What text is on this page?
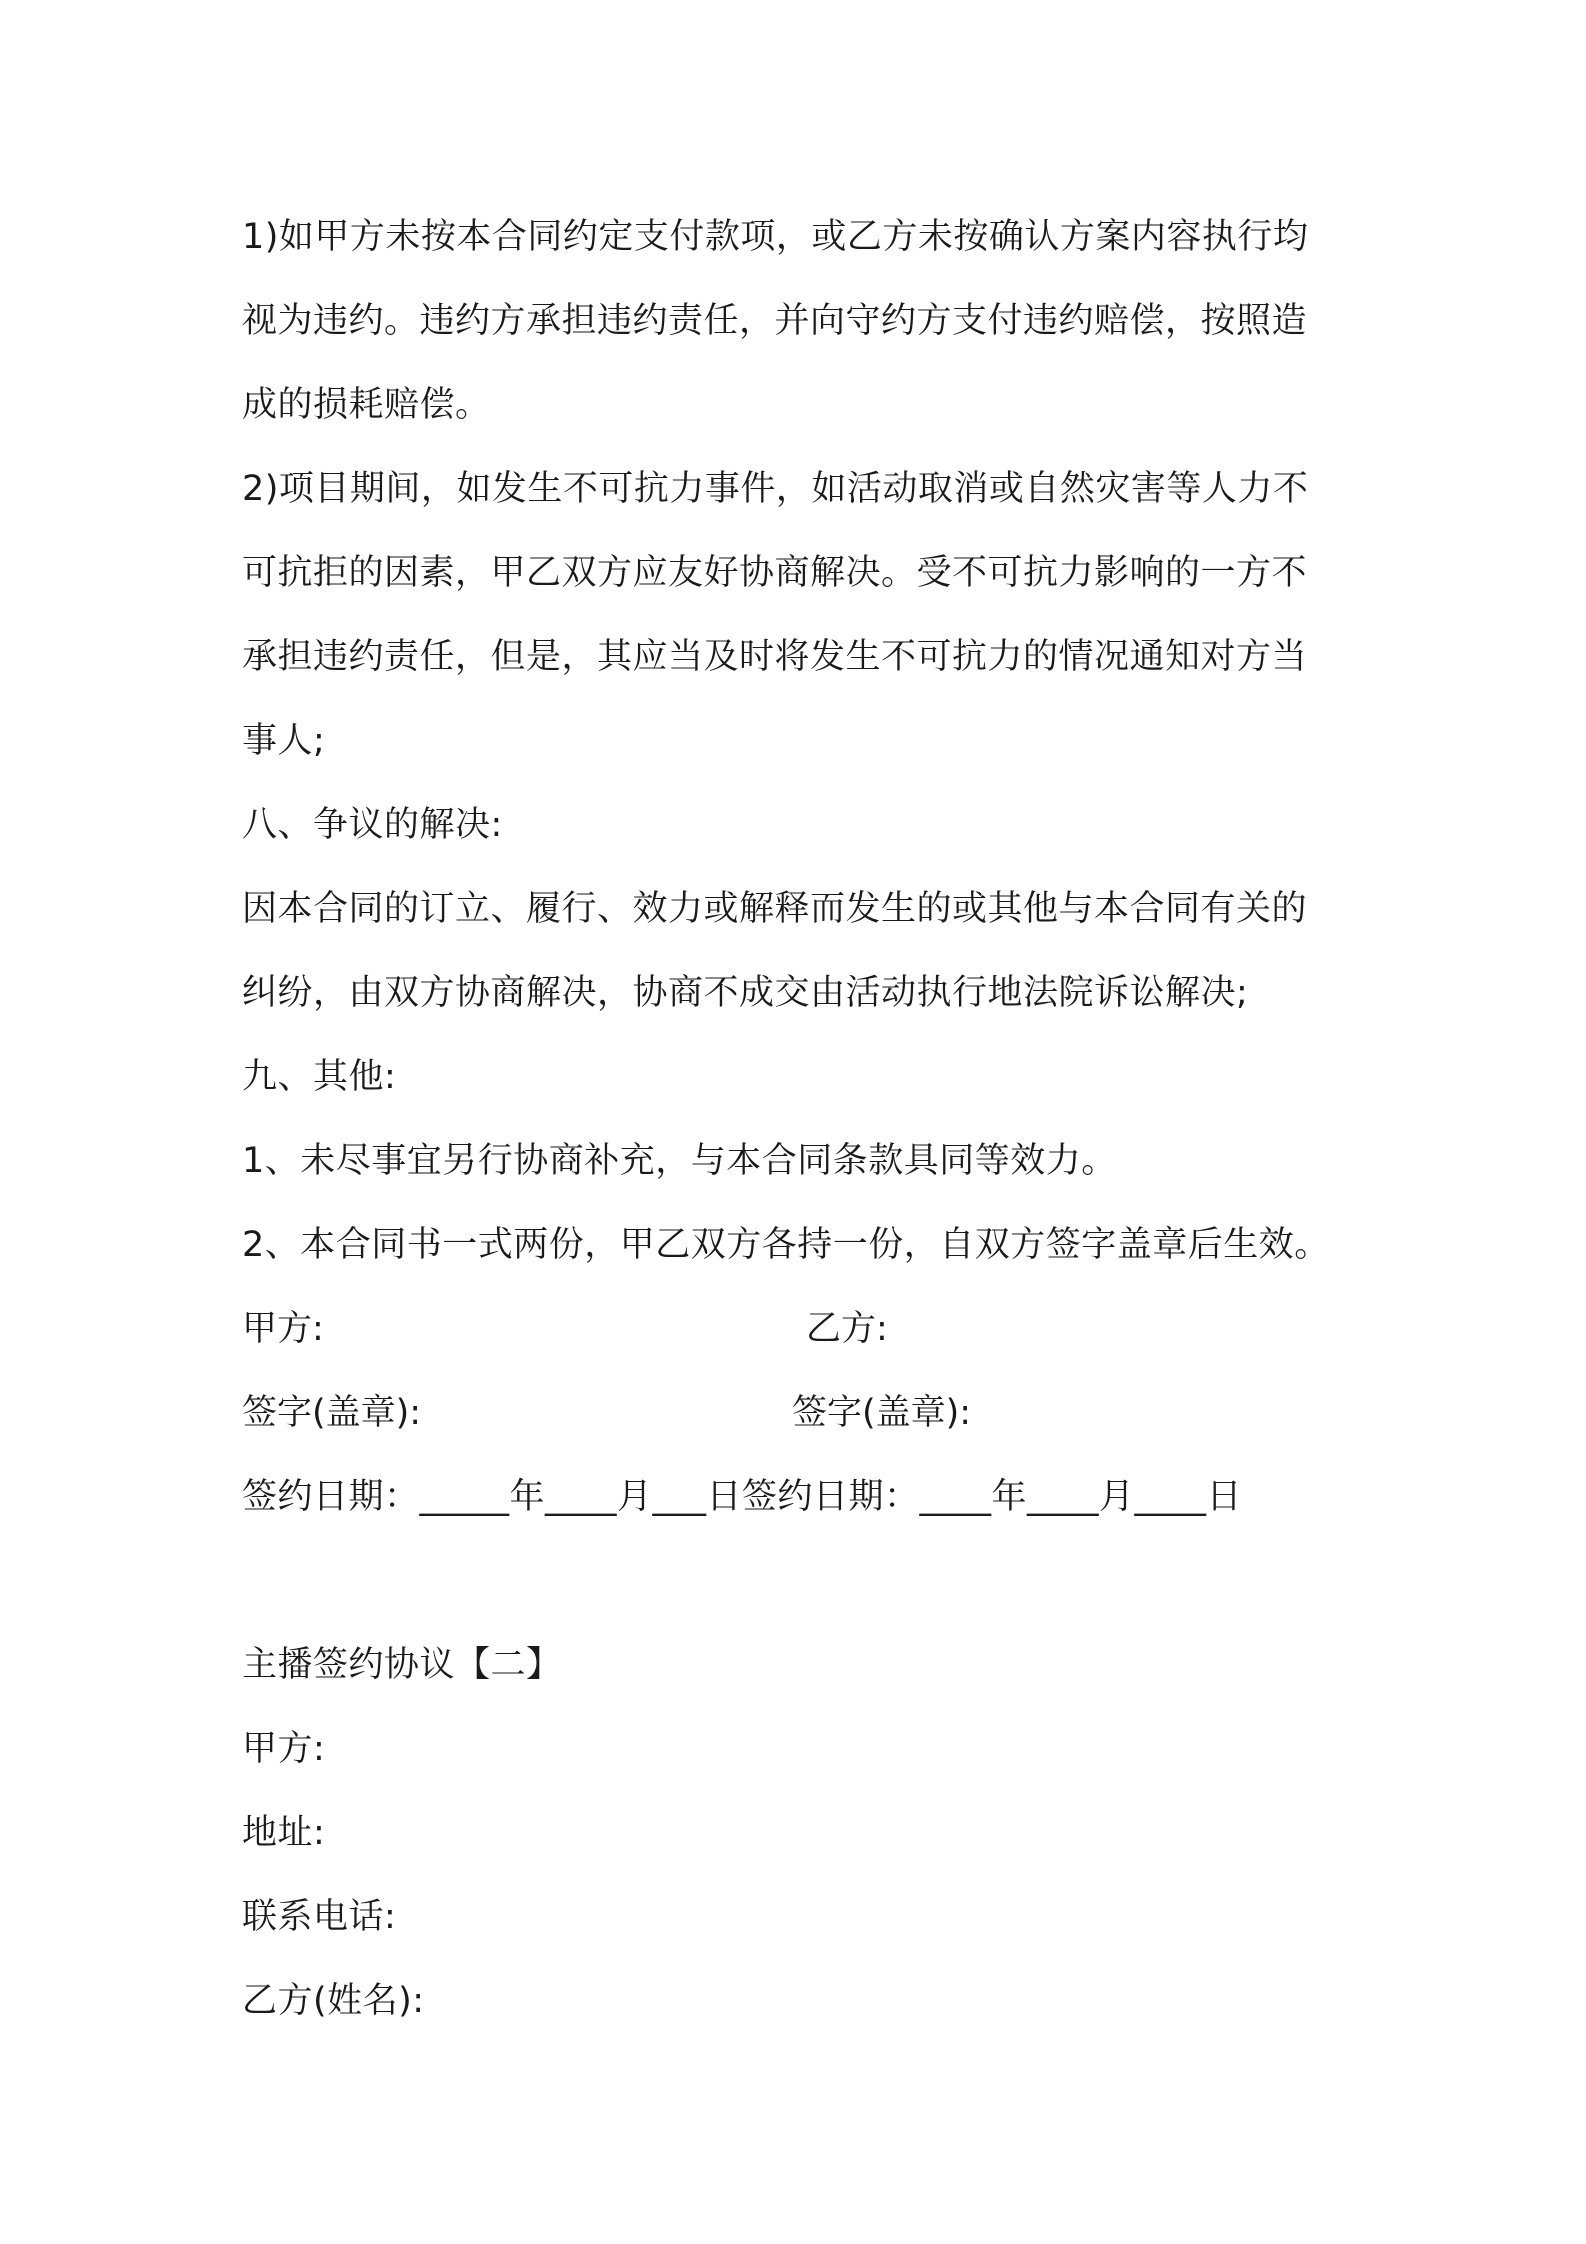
1)如甲方未按本合同约定支付款项，或乙方未按确认方案内容执行均
视为违约。违约方承担违约责任，并向守约方支付违约赔偿，按照造
成的损耗赔偿。
2)项目期间，如发生不可抗力事件，如活动取消或自然灾害等人力不
可抗拒的因素，甲乙双方应友好协商解决。受不可抗力影响的一方不
承担违约责任，但是，其应当及时将发生不可抗力的情况通知对方当
事人;
八、争议的解决:
因本合同的订立、履行、效力或解释而发生的或其他与本合同有关的
纠纷，由双方协商解决，协商不成交由活动执行地法院诉讼解决;
九、其他:
1、未尽事宜另行协商补充，与本合同条款具同等效力。
2、本合同书一式两份，甲乙双方各持一份，自双方签字盖章后生效。
甲方:	乙方:
签字(盖章):	签字(盖章):
签约日期：_____年____月___日签约日期：____年____月____日
主播签约协议【二】
甲方:
地址:
联系电话:
乙方(姓名):
